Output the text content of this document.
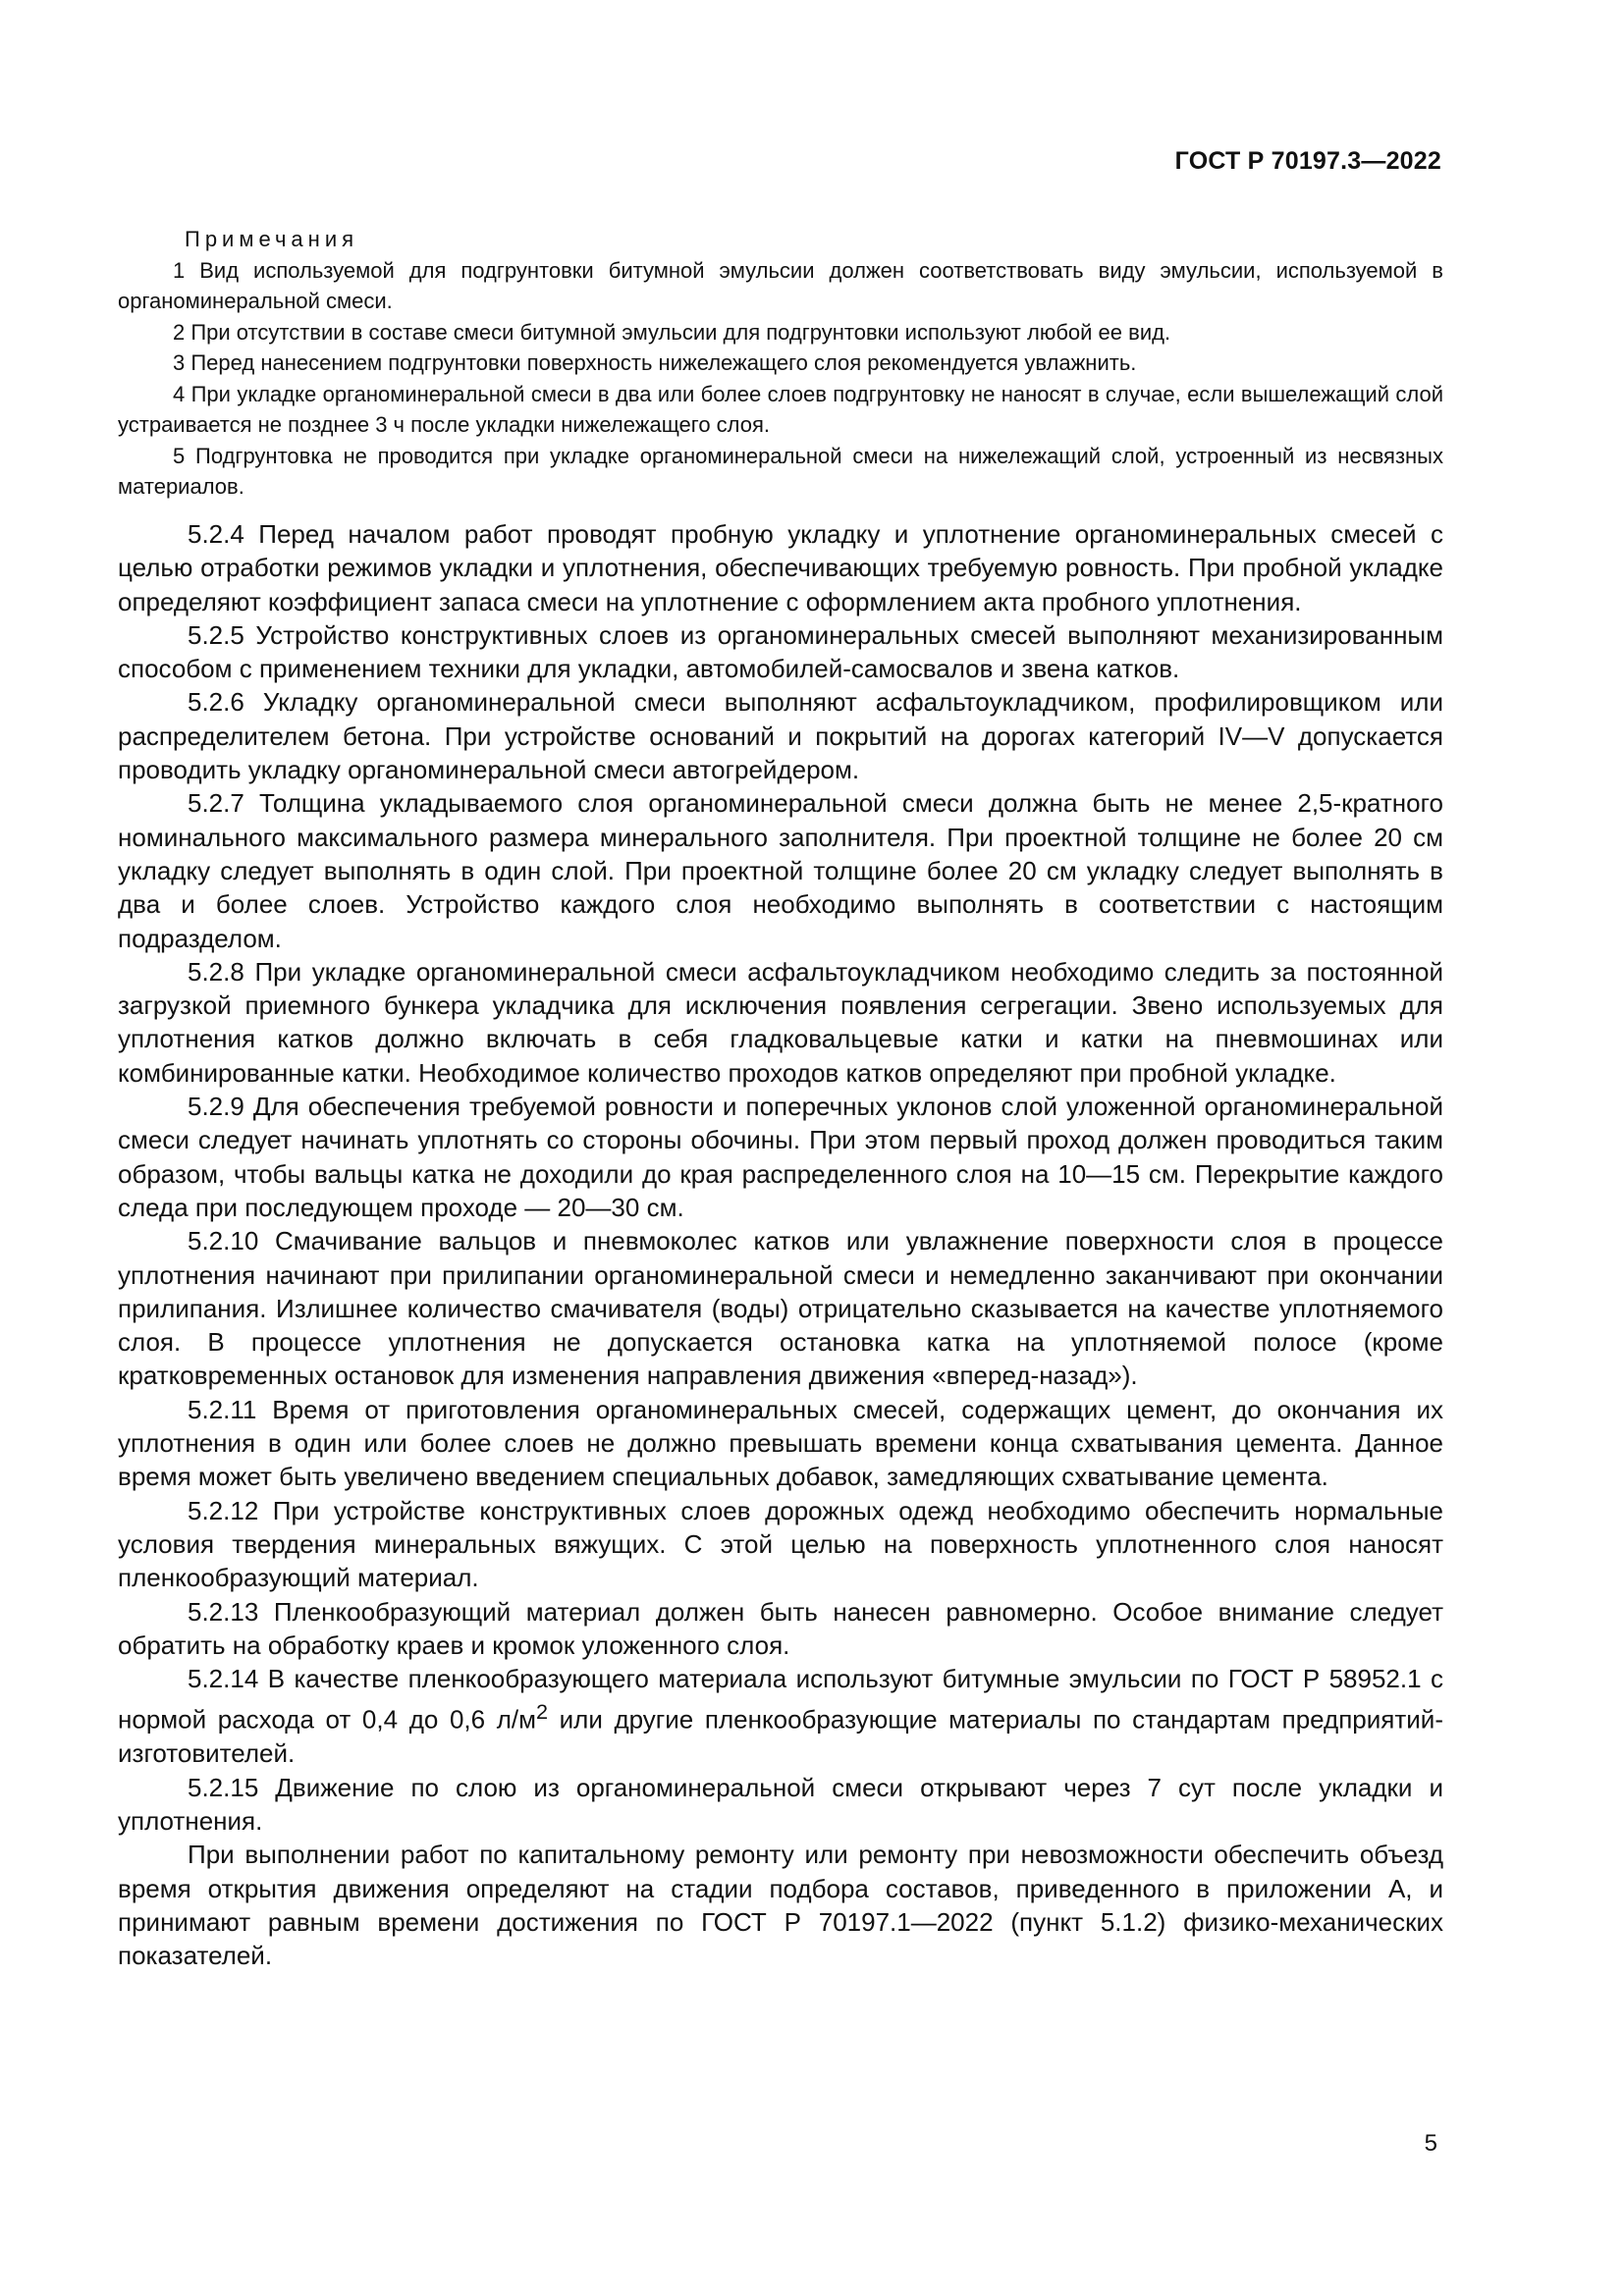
ГОСТ Р 70197.3—2022

Примечания

1 Вид используемой для подгрунтовки битумной эмульсии должен соответствовать виду эмульсии, используемой в органоминеральной смеси.

2 При отсутствии в составе смеси битумной эмульсии для подгрунтовки используют любой ее вид.

3 Перед нанесением подгрунтовки поверхность нижележащего слоя рекомендуется увлажнить.

4 При укладке органоминеральной смеси в два или более слоев подгрунтовку не наносят в случае, если вышележащий слой устраивается не позднее 3 ч после укладки нижележащего слоя.

5 Подгрунтовка не проводится при укладке органоминеральной смеси на нижележащий слой, устроенный из несвязных материалов.

5.2.4 Перед началом работ проводят пробную укладку и уплотнение органоминеральных смесей с целью отработки режимов укладки и уплотнения, обеспечивающих требуемую ровность. При пробной укладке определяют коэффициент запаса смеси на уплотнение с оформлением акта пробного уплотнения.

5.2.5 Устройство конструктивных слоев из органоминеральных смесей выполняют механизированным способом с применением техники для укладки, автомобилей-самосвалов и звена катков.

5.2.6 Укладку органоминеральной смеси выполняют асфальтоукладчиком, профилировщиком или распределителем бетона. При устройстве оснований и покрытий на дорогах категорий IV—V допускается проводить укладку органоминеральной смеси автогрейдером.

5.2.7 Толщина укладываемого слоя органоминеральной смеси должна быть не менее 2,5-кратного номинального максимального размера минерального заполнителя. При проектной толщине не более 20 см укладку следует выполнять в один слой. При проектной толщине более 20 см укладку следует выполнять в два и более слоев. Устройство каждого слоя необходимо выполнять в соответствии с настоящим подразделом.

5.2.8 При укладке органоминеральной смеси асфальтоукладчиком необходимо следить за постоянной загрузкой приемного бункера укладчика для исключения появления сегрегации. Звено используемых для уплотнения катков должно включать в себя гладковальцевые катки и катки на пневмошинах или комбинированные катки. Необходимое количество проходов катков определяют при пробной укладке.

5.2.9 Для обеспечения требуемой ровности и поперечных уклонов слой уложенной органоминеральной смеси следует начинать уплотнять со стороны обочины. При этом первый проход должен проводиться таким образом, чтобы вальцы катка не доходили до края распределенного слоя на 10—15 см. Перекрытие каждого следа при последующем проходе — 20—30 см.

5.2.10 Смачивание вальцов и пневмоколес катков или увлажнение поверхности слоя в процессе уплотнения начинают при прилипании органоминеральной смеси и немедленно заканчивают при окончании прилипания. Излишнее количество смачивателя (воды) отрицательно сказывается на качестве уплотняемого слоя. В процессе уплотнения не допускается остановка катка на уплотняемой полосе (кроме кратковременных остановок для изменения направления движения «вперед-назад»).

5.2.11 Время от приготовления органоминеральных смесей, содержащих цемент, до окончания их уплотнения в один или более слоев не должно превышать времени конца схватывания цемента. Данное время может быть увеличено введением специальных добавок, замедляющих схватывание цемента.

5.2.12 При устройстве конструктивных слоев дорожных одежд необходимо обеспечить нормальные условия твердения минеральных вяжущих. С этой целью на поверхность уплотненного слоя наносят пленкообразующий материал.

5.2.13 Пленкообразующий материал должен быть нанесен равномерно. Особое внимание следует обратить на обработку краев и кромок уложенного слоя.

5.2.14 В качестве пленкообразующего материала используют битумные эмульсии по ГОСТ Р 58952.1 с нормой расхода от 0,4 до 0,6 $л/м^2$ или другие пленкообразующие материалы по стандартам предприятий-изготовителей.

5.2.15 Движение по слою из органоминеральной смеси открывают через 7 сут после укладки и уплотнения.

При выполнении работ по капитальному ремонту или ремонту при невозможности обеспечить объезд время открытия движения определяют на стадии подбора составов, приведенного в приложении А, и принимают равным времени достижения по ГОСТ Р 70197.1—2022 (пункт 5.1.2) физико-механических показателей.

5
